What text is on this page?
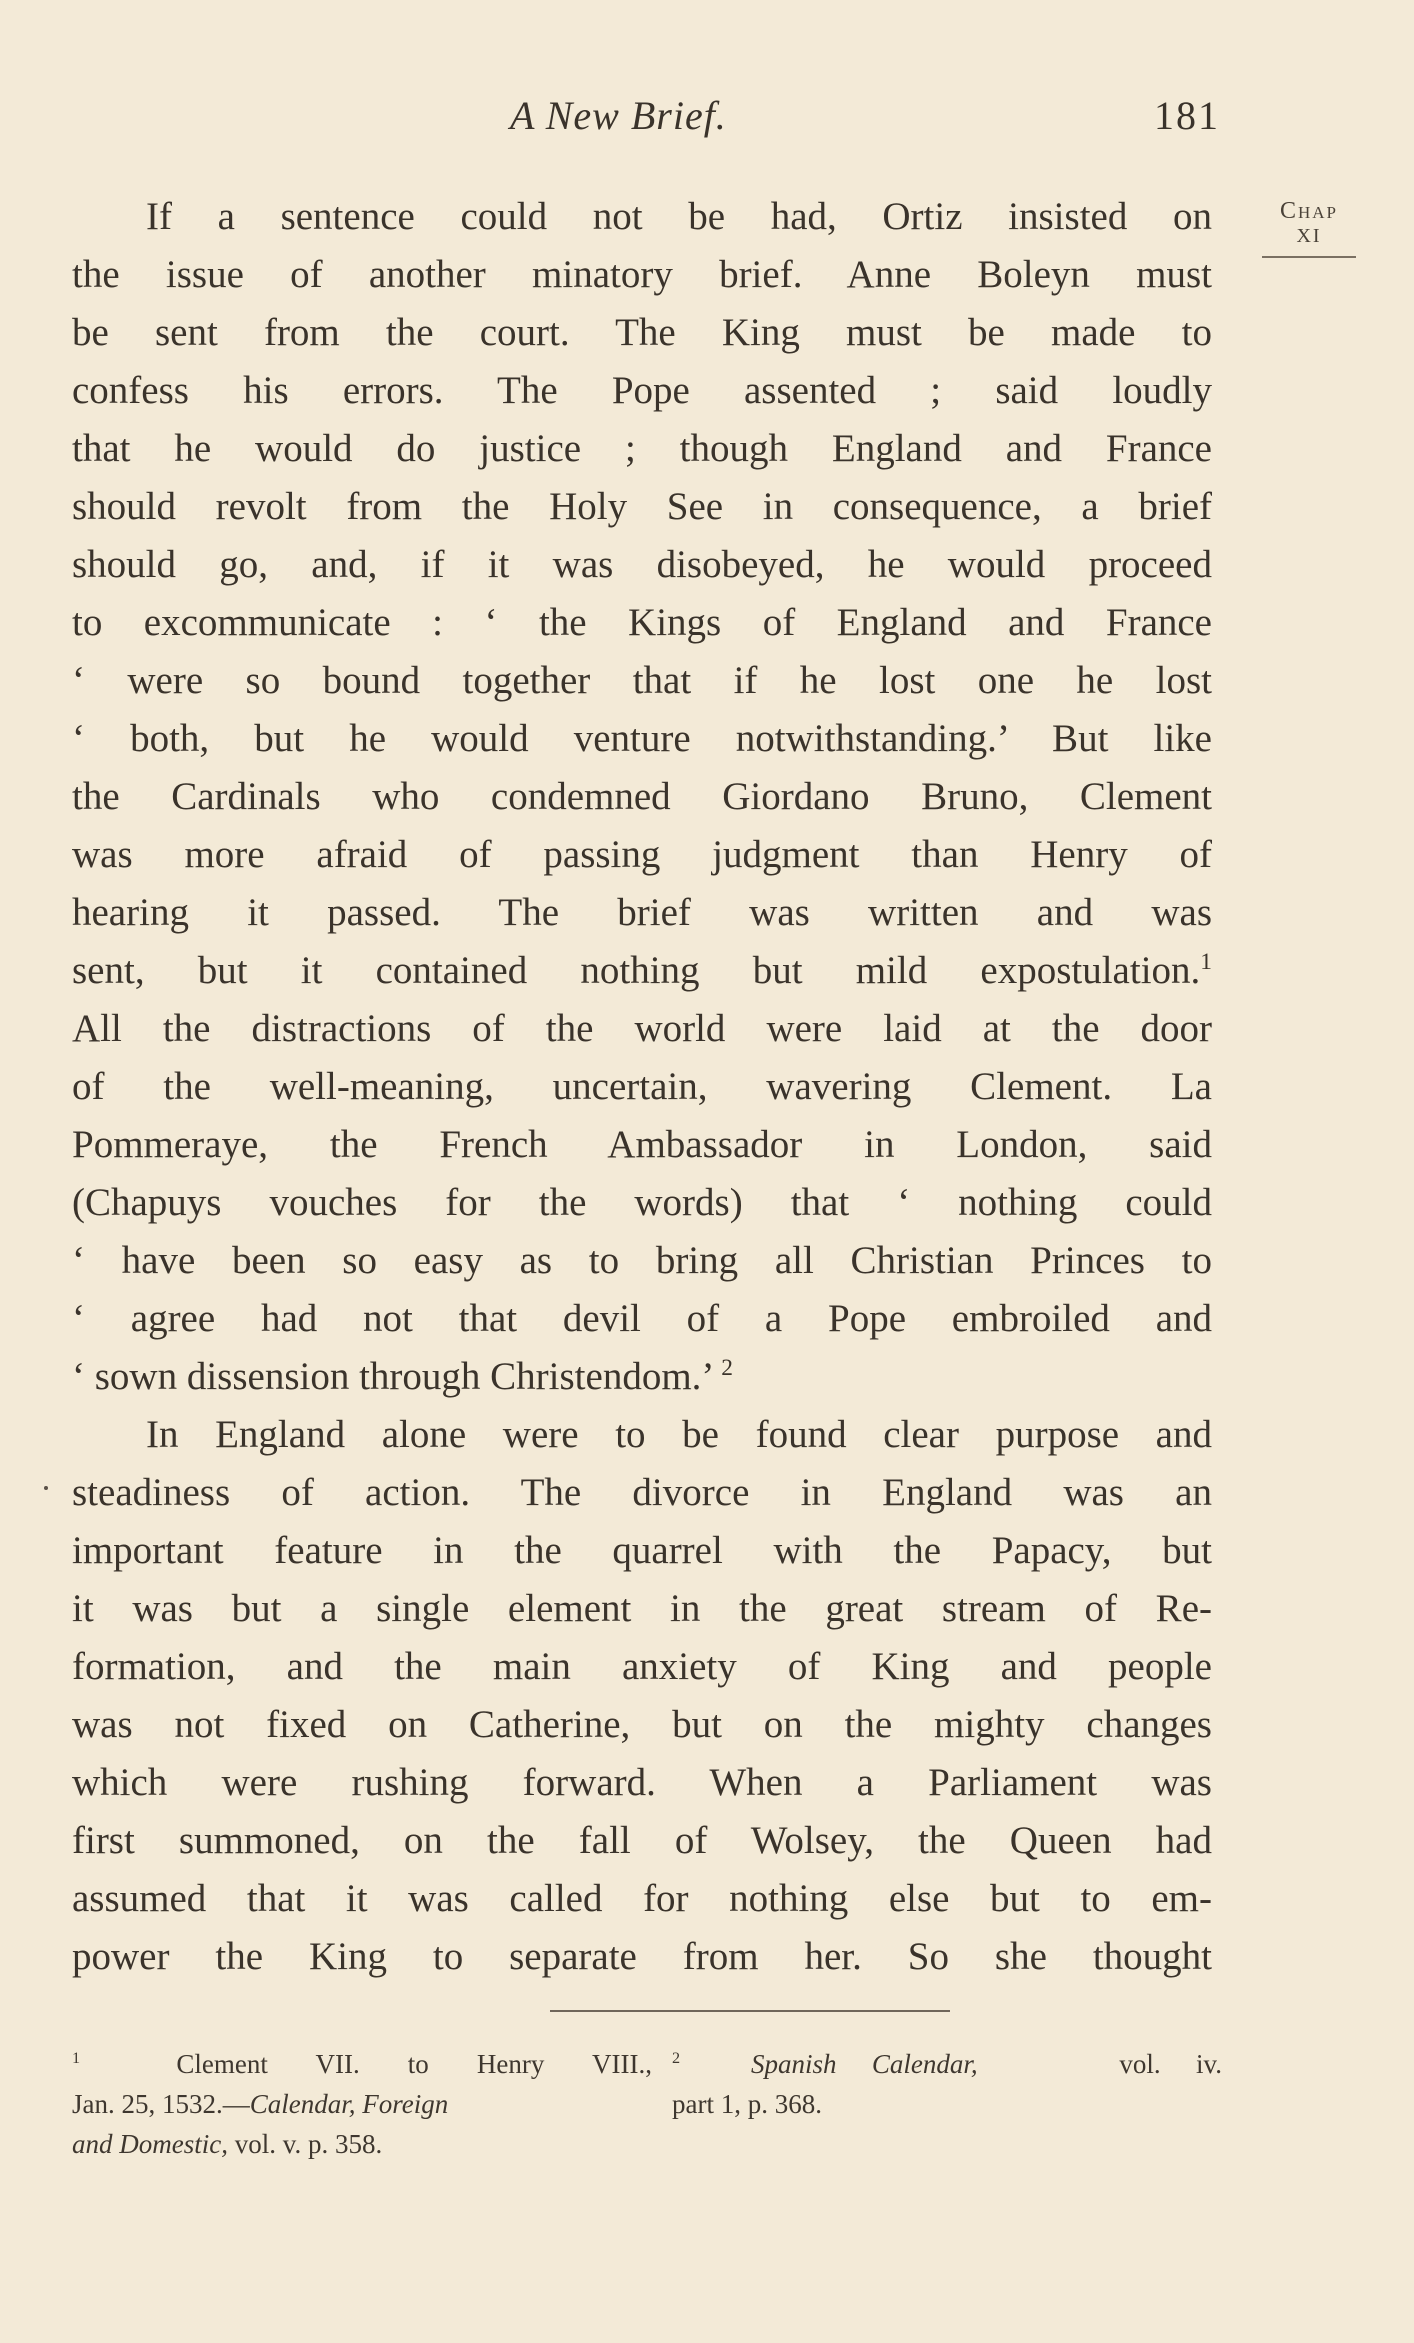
A New Brief.	181
Chap
XI
If a sentence could not be had, Ortiz insisted on
the issue of another minatory brief. Anne Boleyn must
be sent from the court. The King must be made to
confess his errors. The Pope assented ; said loudly
that he would do justice ; though England and France
should revolt from the Holy See in consequence, a brief
should go, and, if it was disobeyed, he would proceed
to excommunicate : ‘ the Kings of England and France
‘ were so bound together that if he lost one he lost
‘ both, but he would venture notwithstanding.’ But like
the Cardinals who condemned Giordano Bruno, Clement
was more afraid of passing judgment than Henry of
hearing it passed. The brief was written and was
sent, but it contained nothing but mild expostulation.$^1$
All the distractions of the world were laid at the door
of the well-meaning, uncertain, wavering Clement. La
Pommeraye, the French Ambassador in London, said
(Chapuys vouches for the words) that ‘ nothing could
‘ have been so easy as to bring all Christian Princes to
‘ agree had not that devil of a Pope embroiled and
‘ sown dissension through Christendom.’ $^2$
In England alone were to be found clear purpose and
steadiness of action. The divorce in England was an
important feature in the quarrel with the Papacy, but
it was but a single element in the great stream of Re-
formation, and the main anxiety of King and people
was not fixed on Catherine, but on the mighty changes
which were rushing forward. When a Parliament was
first summoned, on the fall of Wolsey, the Queen had
assumed that it was called for nothing else but to em-
power the King to separate from her. So she thought
$^1$	Clement VII. to Henry VIII.,
Jan. 25, 1532.—Calendar, Foreign
and Domestic, vol. v. p. 358.
$^2$	Spanish Calendar,	vol. iv.
part 1, p. 368.
